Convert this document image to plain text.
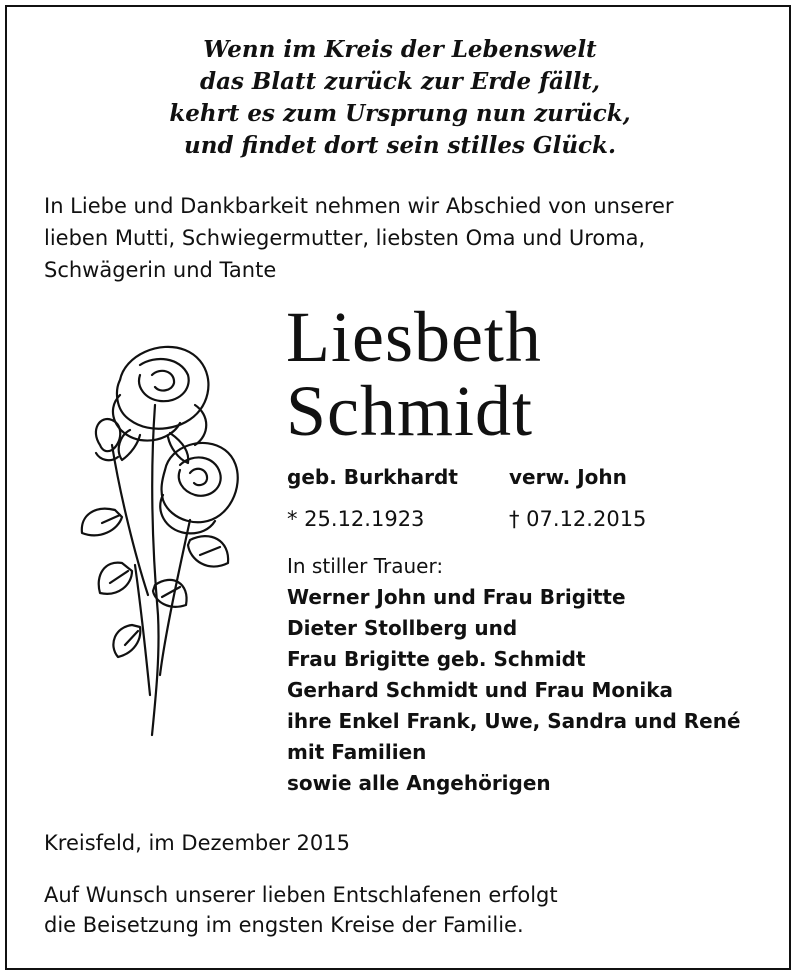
Wenn im Kreis der Lebenswelt
das Blatt zurück zur Erde fällt,
kehrt es zum Ursprung nun zurück,
und findet dort sein stilles Glück.
In Liebe und Dankbarkeit nehmen wir Abschied von unserer
lieben Mutti, Schwiegermutter, liebsten Oma und Uroma,
Schwägerin und Tante
Liesbeth
Schmidt
geb. Burkhardt	verw. John
* 25.12.1923	† 07.12.2015
In stiller Trauer:
Werner John und Frau Brigitte
Dieter Stollberg und
Frau Brigitte geb. Schmidt
Gerhard Schmidt und Frau Monika
ihre Enkel Frank, Uwe, Sandra und René
mit Familien
sowie alle Angehörigen
Kreisfeld, im Dezember 2015
Auf Wunsch unserer lieben Entschlafenen erfolgt
die Beisetzung im engsten Kreise der Familie.
